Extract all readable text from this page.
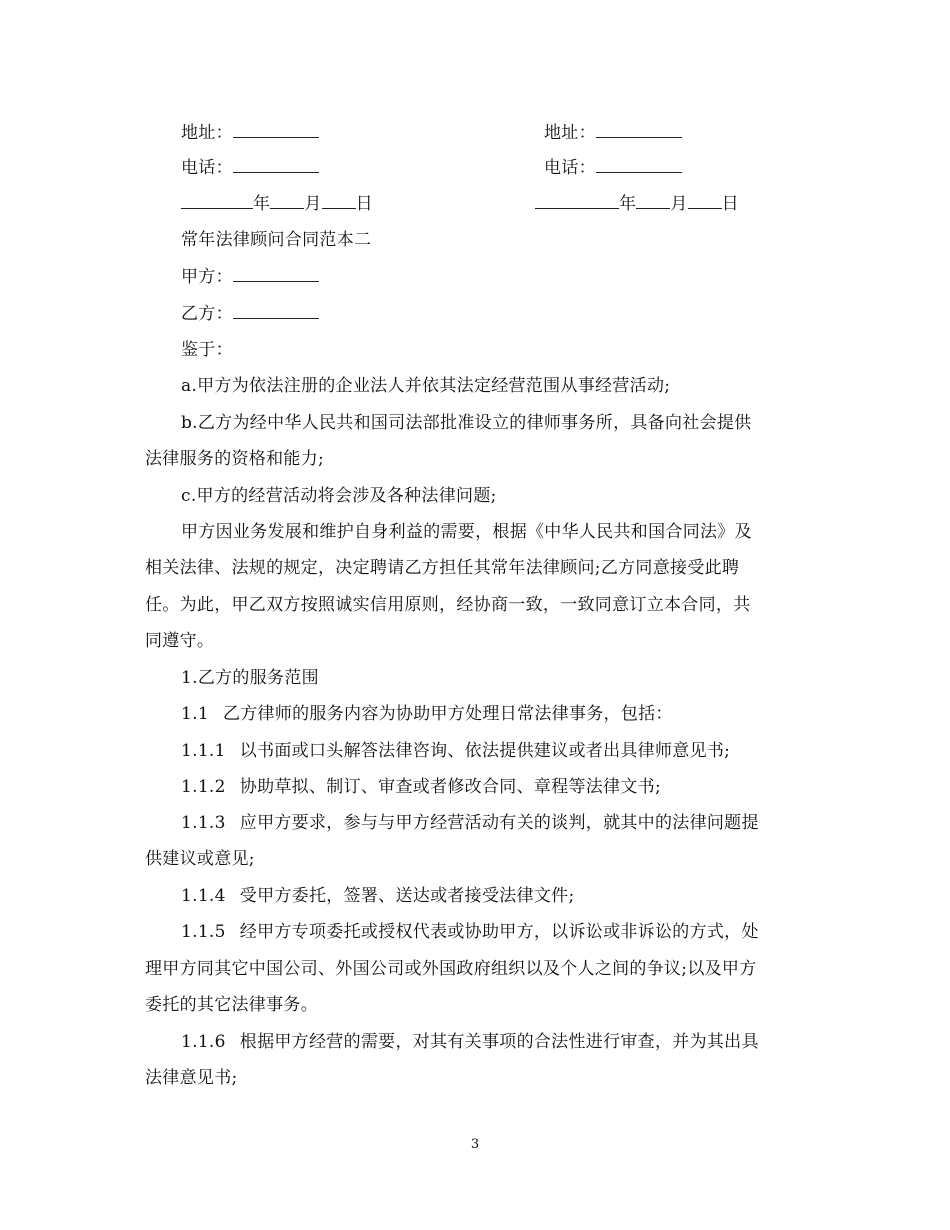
地址：	地址：
电话：	电话：
年 月 日	年 月 日
常年法律顾问合同范本二
甲方：
乙方：
鉴于：
a.甲方为依法注册的企业法人并依其法定经营范围从事经营活动;
b.乙方为经中华人民共和国司法部批准设立的律师事务所，具备向社会提供
法律服务的资格和能力;
c.甲方的经营活动将会涉及各种法律问题;
甲方因业务发展和维护自身利益的需要，根据《中华人民共和国合同法》及
相关法律、法规的规定，决定聘请乙方担任其常年法律顾问;乙方同意接受此聘
任。为此，甲乙双方按照诚实信用原则，经协商一致，一致同意订立本合同，共
同遵守。
1.乙方的服务范围
1.1 乙方律师的服务内容为协助甲方处理日常法律事务，包括：
1.1.1 以书面或口头解答法律咨询、依法提供建议或者出具律师意见书;
1.1.2 协助草拟、制订、审查或者修改合同、章程等法律文书;
1.1.3 应甲方要求，参与与甲方经营活动有关的谈判，就其中的法律问题提
供建议或意见;
1.1.4 受甲方委托，签署、送达或者接受法律文件;
1.1.5 经甲方专项委托或授权代表或协助甲方，以诉讼或非诉讼的方式，处
理甲方同其它中国公司、外国公司或外国政府组织以及个人之间的争议;以及甲方
委托的其它法律事务。
1.1.6 根据甲方经营的需要，对其有关事项的合法性进行审查，并为其出具
法律意见书;
3
